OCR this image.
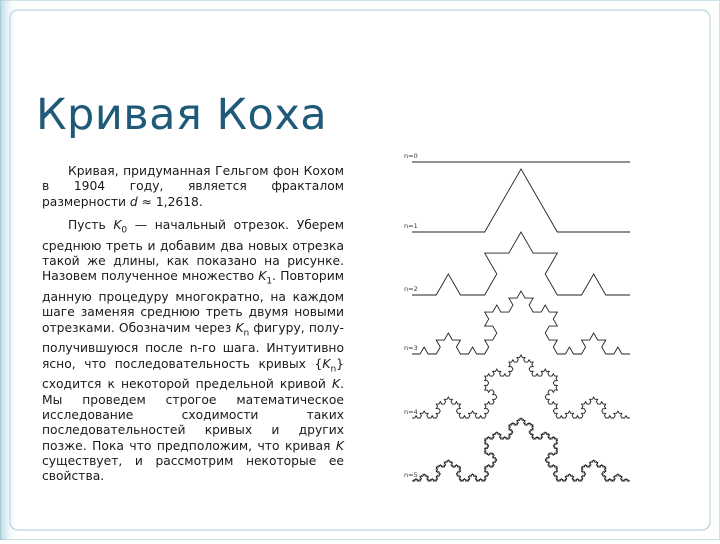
Кривая Коха

Кривая, придуманная Гельгом фон Кохом в 1904 году, является фракталом размерности d ≈ 1,2618.

Пусть $K_0$ — начальный отрезок. Уберем среднюю треть и добавим два новых отрезка такой же длины, как показано на рисунке. Назовем полученное множество $K_1$. Повторим данную процедуру многократно, на каждом шаге заменяя среднюю треть двумя новыми отрезками. Обозначим через $K_n$ фигуру, полу- получившуюся после n-го шага. Интуитивно ясно, что последовательность кривых $\{K_n\}$ сходится к некоторой предельной кривой K. Мы проведем строгое математическое исследование сходимости таких последовательностей кривых и других позже. Пока что предположим, что кривая K существует, и рассмотрим некоторые ее свойства.

n=0
n=1
n=2
n=3
n=4
n=5
